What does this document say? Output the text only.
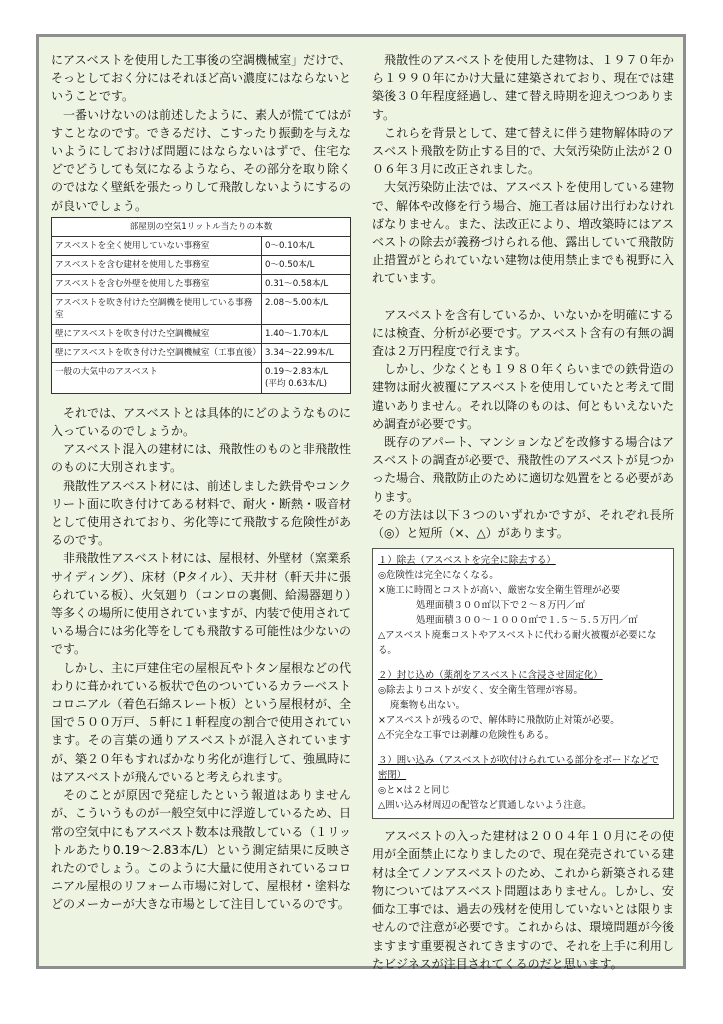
にアスベストを使用した工事後の空調機械室」だけで、そっとしておく分にはそれほど高い濃度にはならないということです。

一番いけないのは前述したように、素人が慌ててはがすことなのです。できるだけ、こすったり振動を与えないようにしておけば問題にはならないはずで、住宅などでどうしても気になるようなら、その部分を取り除くのではなく壁紙を張たっりして飛散しないようにするのが良いでしょう。

部屋別の空気1リットル当たりの本数	
アスベストを全く使用していない事務室	0～0.10本/L
アスベストを含む建材を使用した事務室	0～0.50本/L
アスベストを含む外壁を使用した事務室	0.31～0.58本/L
アスベストを吹き付けた空調機を使用している事務室	2.08～5.00本/L
壁にアスベストを吹き付けた空調機械室	1.40～1.70本/L
壁にアスベストを吹き付けた空調機械室（工事直後）	3.34～22.99本/L
一般の大気中のアスベスト	0.19～2.83本/L
(平均 0.63本/L)

それでは、アスベストとは具体的にどのようなものに入っているのでしょうか。

アスベスト混入の建材には、飛散性のものと非飛散性のものに大別されます。

飛散性アスベスト材には、前述しました鉄骨やコンクリート面に吹き付けてある材料で、耐火・断熱・吸音材として使用されており、劣化等にて飛散する危険性があるのです。

非飛散性アスベスト材には、屋根材、外壁材（窯業系サイディング）、床材（Pタイル）、天井材（軒天井に張られている板）、火気廻り（コンロの裏側、給湯器廻り）等多くの場所に使用されていますが、内装で使用されている場合には劣化等をしても飛散する可能性は少ないのです。

しかし、主に戸建住宅の屋根瓦やトタン屋根などの代わりに葺かれている板状で色のついているカラーベストコロニアル（着色石綿スレート板）という屋根材が、全国で５００万戸、５軒に１軒程度の割合で使用されています。その言葉の通りアスベストが混入されていますが、築２０年もすればかなり劣化が進行して、強風時にはアスベストが飛んでいると考えられます。

そのことが原因で発症したという報道はありませんが、こういうものが一般空気中に浮遊しているため、日常の空気中にもアスベスト数本は飛散している（１リットルあたり0.19～2.83本/L）という測定結果に反映されたのでしょう。このように大量に使用されているコロニアル屋根のリフォーム市場に対して、屋根材・塗料などのメーカーが大きな市場として注目しているのです。

飛散性のアスベストを使用した建物は、１９７０年から１９９０年にかけ大量に建築されており、現在では建築後３０年程度経過し、建て替え時期を迎えつつあります。

これらを背景として、建て替えに伴う建物解体時のアスベスト飛散を防止する目的で、大気汚染防止法が２００６年３月に改正されました。

大気汚染防止法では、アスベストを使用している建物で、解体や改修を行う場合、施工者は届け出行わなければなりません。また、法改正により、増改築時にはアスベストの除去が義務づけられる他、露出していて飛散防止措置がとられていない建物は使用禁止までも視野に入れています。

アスベストを含有しているか、いないかを明確にするには検査、分析が必要です。アスベスト含有の有無の調査は２万円程度で行えます。

しかし、少なくとも１９８０年くらいまでの鉄骨造の建物は耐火被覆にアスベストを使用していたと考えて間違いありません。それ以降のものは、何ともいえないため調査が必要です。

既存のアパート、マンションなどを改修する場合はアスベストの調査が必要で、飛散性のアスベストが見つかった場合、飛散防止のために適切な処置をとる必要があります。

その方法は以下３つのいずれかですが、それぞれ長所（◎）と短所（×、△）があります。

１）除去（アスベストを完全に除去する）
◎危険性は完全になくなる。
×施工に時間とコストが高い、厳密な安全衛生管理が必要
処理面積３００㎡以下で２～８万円／㎡
処理面積３００～１０００㎡で１.５～５.５万円／㎡
△アスベスト廃棄コストやアスベストに代わる耐火被覆が必要になる。
２）封じ込め（薬剤をアスベストに含浸させ固定化）
◎除去よりコストが安く、安全衛生管理が容易。
廃棄物も出ない。
×アスベストが残るので、解体時に飛散防止対策が必要。
△不完全な工事では剥離の危険性もある。
３）囲い込み（アスベストが吹付けられている部分をボードなどで密閉）
◎と×は２と同じ
△囲い込み材周辺の配管など貫通しないよう注意。

アスベストの入った建材は２００４年１０月にその使用が全面禁止になりましたので、現在発売されている建材は全てノンアスベストのため、これから新築される建物についてはアスベスト問題はありません。しかし、安価な工事では、過去の残材を使用していないとは限りませんので注意が必要です。これからは、環境問題が今後ますます重要視されてきますので、それを上手に利用したビジネスが注目されてくるのだと思います。
